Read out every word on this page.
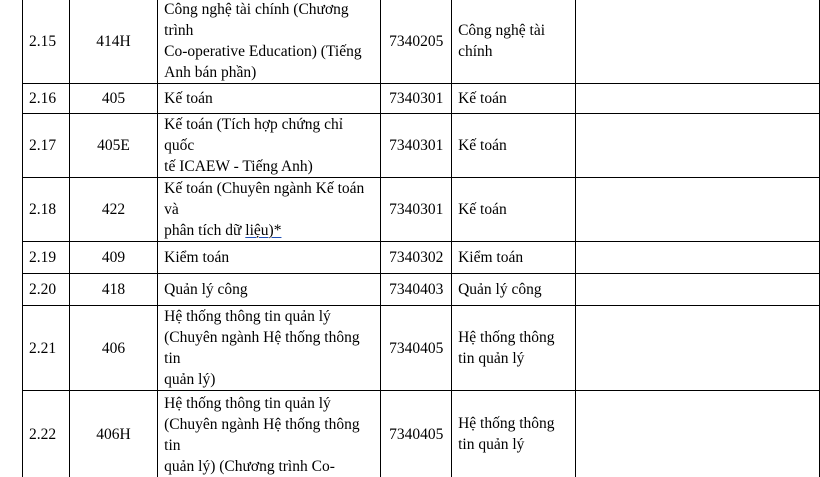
2.15	414H	Công nghệ tài chính (Chương trình
Co-operative Education) (Tiếng
Anh bán phần)	7340205	Công nghệ tài
chính	
2.16	405	Kế toán	7340301	Kế toán	
2.17	405E	Kế toán (Tích hợp chứng chỉ quốc
tế ICAEW - Tiếng Anh)	7340301	Kế toán	
2.18	422	Kế toán (Chuyên ngành Kế toán và
phân tích dữ liệu)*	7340301	Kế toán	
2.19	409	Kiểm toán	7340302	Kiểm toán	
2.20	418	Quản lý công	7340403	Quản lý công	
2.21	406	Hệ thống thông tin quản lý
(Chuyên ngành Hệ thống thông tin
quản lý)	7340405	Hệ thống thông
tin quản lý	
2.22	406H	Hệ thống thông tin quản lý
(Chuyên ngành Hệ thống thông tin
quản lý) (Chương trình Co-	7340405	Hệ thống thông
tin quản lý	
